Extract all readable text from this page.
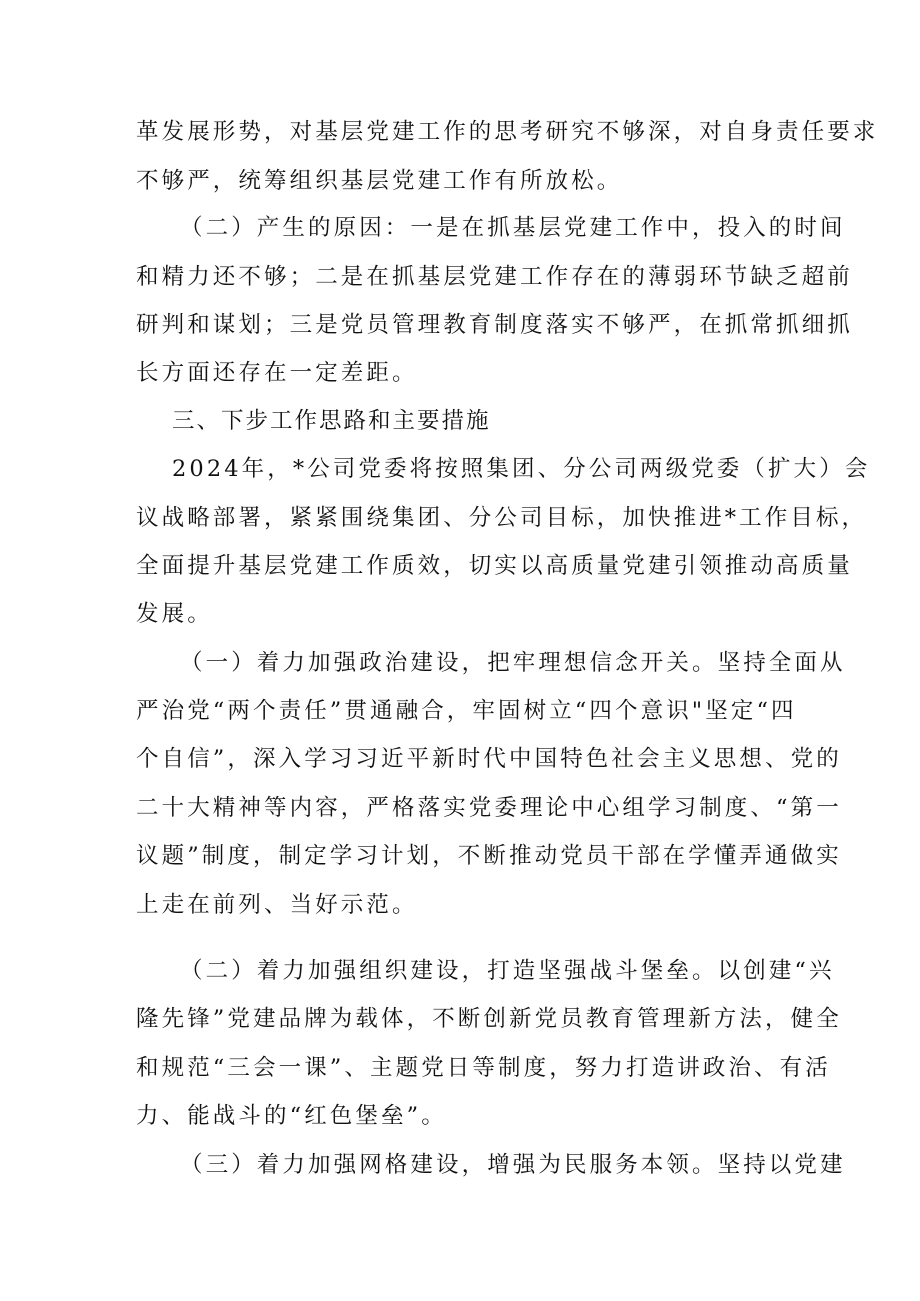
革发展形势，对基层党建工作的思考研究不够深，对自身责任要求
不够严，统筹组织基层党建工作有所放松。
（二）产生的原因：一是在抓基层党建工作中，投入的时间
和精力还不够；二是在抓基层党建工作存在的薄弱环节缺乏超前
研判和谋划；三是党员管理教育制度落实不够严，在抓常抓细抓
长方面还存在一定差距。
三、下步工作思路和主要措施
2024年，*公司党委将按照集团、分公司两级党委（扩大）会
议战略部署，紧紧围绕集团、分公司目标，加快推进*工作目标，
全面提升基层党建工作质效，切实以高质量党建引领推动高质量
发展。
（一）着力加强政治建设，把牢理想信念开关。坚持全面从
严治党“两个责任”贯通融合，牢固树立“四个意识"坚定“四
个自信”，深入学习习近平新时代中国特色社会主义思想、党的
二十大精神等内容，严格落实党委理论中心组学习制度、“第一
议题”制度，制定学习计划，不断推动党员干部在学懂弄通做实
上走在前列、当好示范。
（二）着力加强组织建设，打造坚强战斗堡垒。以创建“兴
隆先锋”党建品牌为载体，不断创新党员教育管理新方法，健全
和规范“三会一课”、主题党日等制度，努力打造讲政治、有活
力、能战斗的“红色堡垒”。
（三）着力加强网格建设，增强为民服务本领。坚持以党建
